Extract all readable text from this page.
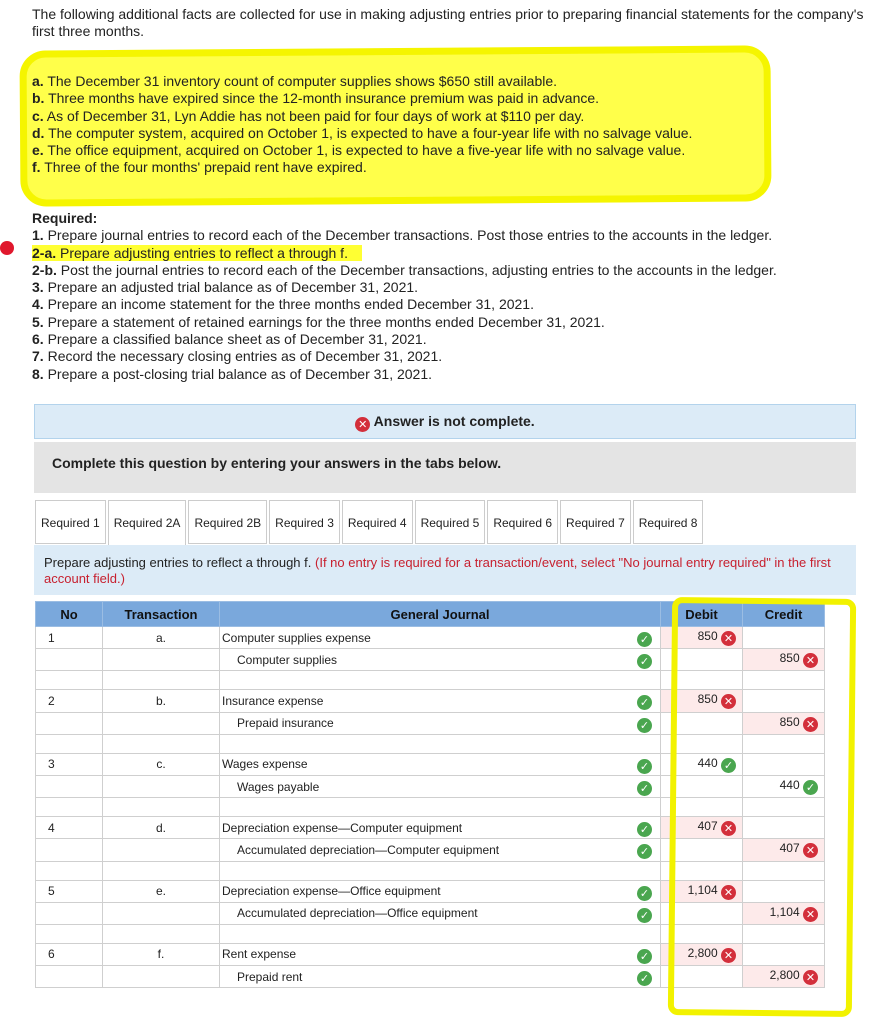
The following additional facts are collected for use in making adjusting entries prior to preparing financial statements for the company's first three months.
a. The December 31 inventory count of computer supplies shows $650 still available.
b. Three months have expired since the 12-month insurance premium was paid in advance.
c. As of December 31, Lyn Addie has not been paid for four days of work at $110 per day.
d. The computer system, acquired on October 1, is expected to have a four-year life with no salvage value.
e. The office equipment, acquired on October 1, is expected to have a five-year life with no salvage value.
f. Three of the four months' prepaid rent have expired.
Required:
1. Prepare journal entries to record each of the December transactions. Post those entries to the accounts in the ledger.
2-a. Prepare adjusting entries to reflect a through f.
2-b. Post the journal entries to record each of the December transactions, adjusting entries to the accounts in the ledger.
3. Prepare an adjusted trial balance as of December 31, 2021.
4. Prepare an income statement for the three months ended December 31, 2021.
5. Prepare a statement of retained earnings for the three months ended December 31, 2021.
6. Prepare a classified balance sheet as of December 31, 2021.
7. Record the necessary closing entries as of December 31, 2021.
8. Prepare a post-closing trial balance as of December 31, 2021.
✕ Answer is not complete.
Complete this question by entering your answers in the tabs below.
Required 1	Required 2A	Required 2B	Required 3	Required 4	Required 5	Required 6	Required 7	Required 8
Prepare adjusting entries to reflect a through f. (If no entry is required for a transaction/event, select "No journal entry required" in the first account field.)
No	Transaction	General Journal	Debit	Credit
1	a.	Computer supplies expense ✓	850 ✕	
		Computer supplies ✓		850 ✕

2	b.	Insurance expense ✓	850 ✕	
		Prepaid insurance ✓		850 ✕

3	c.	Wages expense ✓	440 ✓	
		Wages payable ✓		440 ✓

4	d.	Depreciation expense—Computer equipment ✓	407 ✕	
		Accumulated depreciation—Computer equipment ✓		407 ✕

5	e.	Depreciation expense—Office equipment ✓	1,104 ✕	
		Accumulated depreciation—Office equipment ✓		1,104 ✕

6	f.	Rent expense ✓	2,800 ✕	
		Prepaid rent ✓		2,800 ✕
